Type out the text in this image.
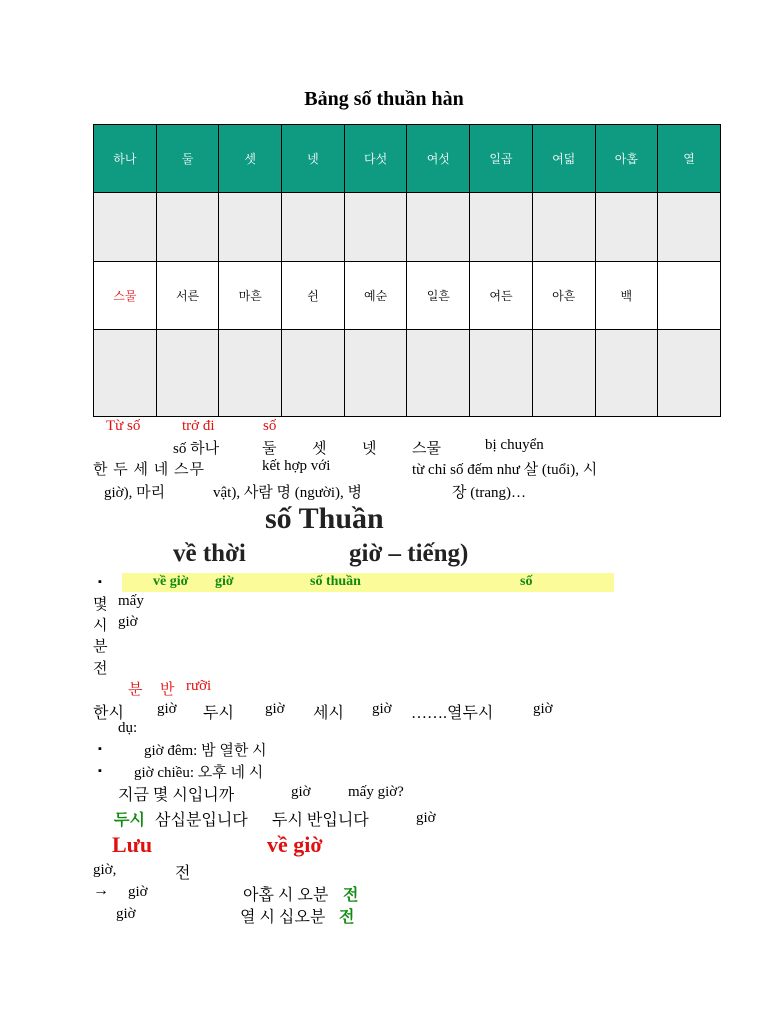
Bảng số thuần hàn
하나	둘	셋	넷	다섯	여섯	일곱	여덟	아홉	열

스물	서른	마흔	쉰	예순	일흔	여든	아흔	백	

Từ số	trở đi	số
số 하나	둘 셋 넷 스물	bị chuyển
한 두 세 네 스무	kết hợp với	từ chỉ số đếm như 살 (tuổi), 시
giờ), 마리	vật), 사람 명 (người), 병	장 (trang)…
số Thuần
về thời	giờ – tiếng)
▪	về giờ giờ	số thuần	số
몇 mấy
시 giờ
분
전
분 반 rưỡi
한시 giờ 두시 giờ 세시 giờ …….열두시	giờ
dụ:
▪	giờ đêm: 밤 열한 시
▪ giờ chiều: 오후 네 시
지금 몇 시입니까	giờ mấy giờ?
두시 삼십분입니다 두시 반입니다	giờ
Lưu	về giờ
giờ,	전
→ giờ	아홉 시 오분 전
giờ	열 시 십오분 전
